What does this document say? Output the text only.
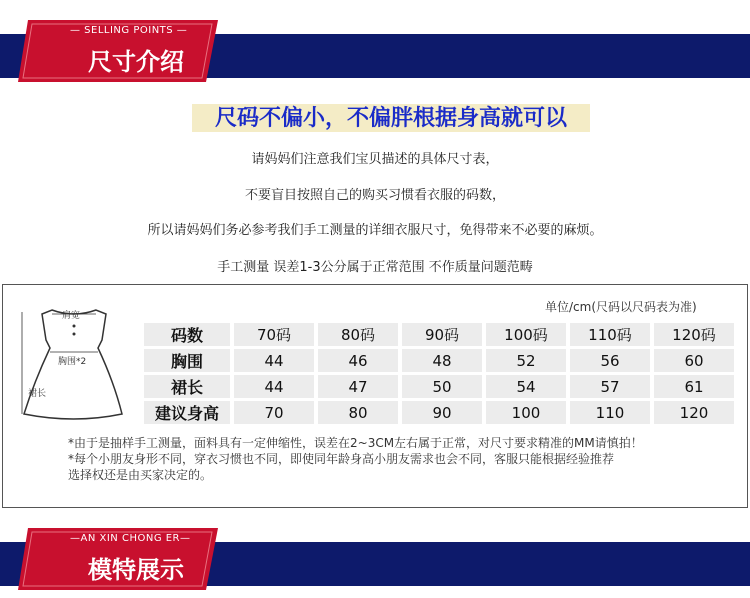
— SELLING POINTS —
尺寸介绍
尺码不偏小，不偏胖根据身高就可以
请妈妈们注意我们宝贝描述的具体尺寸表，
不要盲目按照自己的购买习惯看衣服的码数，
所以请妈妈们务必参考我们手工测量的详细衣服尺寸，免得带来不必要的麻烦。
手工测量 误差1-3公分属于正常范围 不作质量问题范畴
单位/cm(尺码以尺码表为准)
肩宽
胸围*2
裙长
码数	70码	80码	90码	100码	110码	120码
胸围	44	46	48	52	56	60
裙长	44	47	50	54	57	61
建议身高	70	80	90	100	110	120
*由于是抽样手工测量，面料具有一定伸缩性，误差在2~3CM左右属于正常，对尺寸要求精准的MM请慎拍！
*每个小朋友身形不同，穿衣习惯也不同，即使同年龄身高小朋友需求也会不同，客服只能根据经验推荐
选择权还是由买家决定的。
—AN XIN CHONG ER—
模特展示
